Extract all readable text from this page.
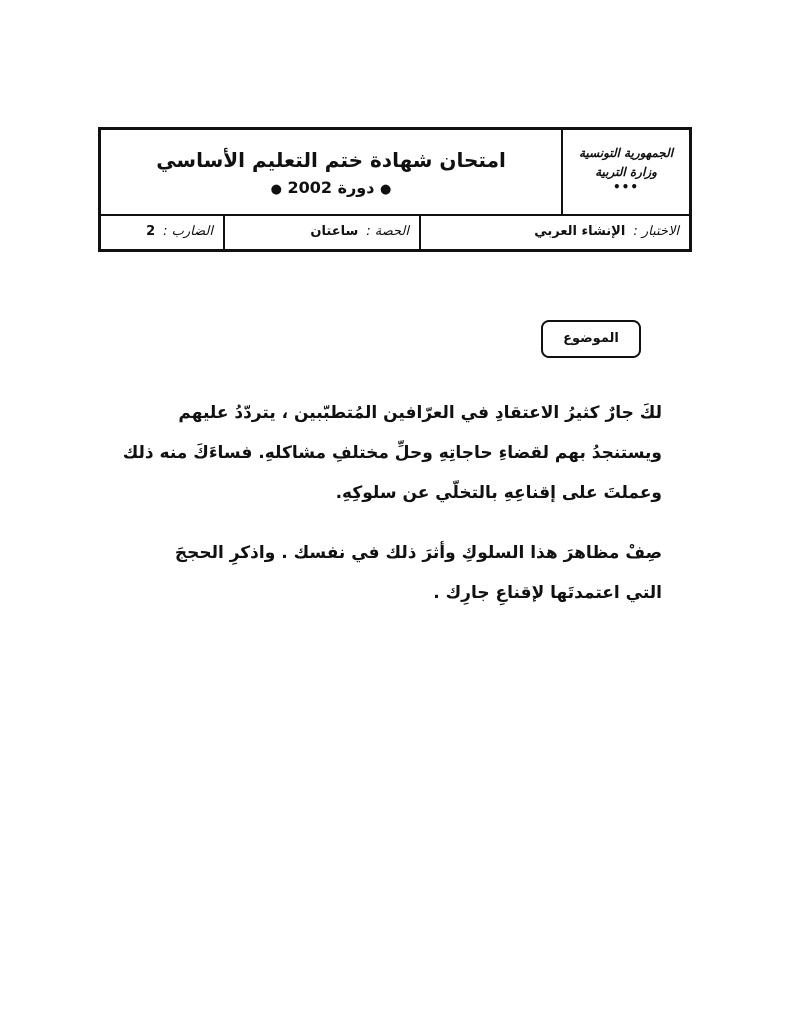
الجمهورية التونسية
وزارة التربية
•••
امتحان شهادة ختم التعليم الأساسي
● دورة 2002 ●
الاختبار :
الإنشاء العربي
الحصة :
ساعتان
الضارب :
2
الموضوع

لكَ جارٌ كثيرُ الاعتقادِ في العرّافين المُتطبّبين ، يتردّدُ عليهم
ويستنجدُ بهم لقضاءِ حاجاتِهِ وحلِّ مختلفِ مشاكلهِ. فساءَكَ منه ذلك
وعملتَ على إقناعِهِ بالتخلّي عن سلوكِهِ.

صِفْ مظاهرَ هذا السلوكِ وأثرَ ذلك في نفسك . واذكرِ الحججَ
التي اعتمدتَها لإقناعِ جارِك .
